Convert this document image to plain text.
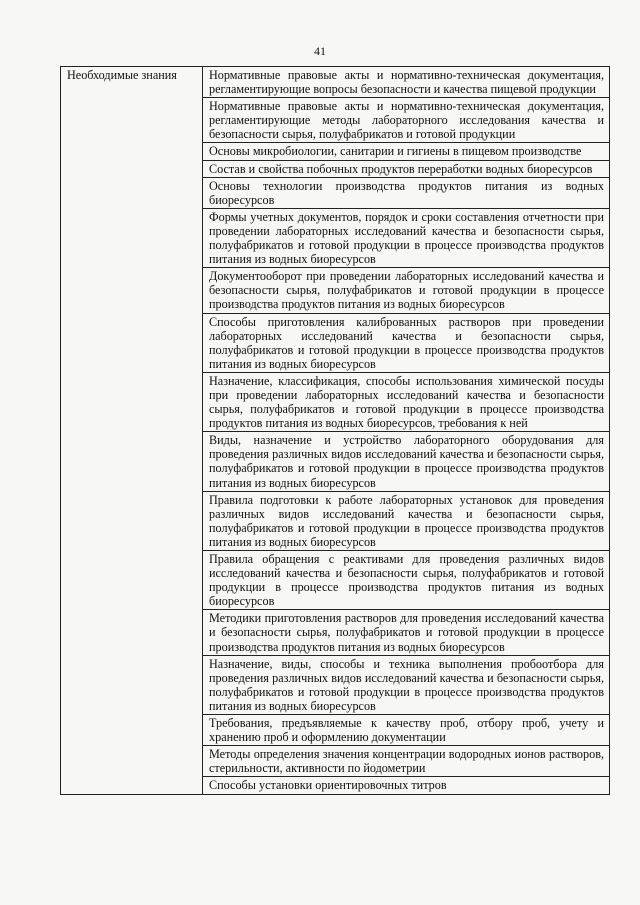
41
Необходимые знания	Нормативные правовые акты и нормативно-техническая документация, регламентирующие вопросы безопасности и качества пищевой продукции
Нормативные правовые акты и нормативно-техническая документация, регламентирующие методы лабораторного исследования качества и безопасности сырья, полуфабрикатов и готовой продукции
Основы микробиологии, санитарии и гигиены в пищевом производстве
Состав и свойства побочных продуктов переработки водных биоресурсов
Основы технологии производства продуктов питания из водных биоресурсов
Формы учетных документов, порядок и сроки составления отчетности при проведении лабораторных исследований качества и безопасности сырья, полуфабрикатов и готовой продукции в процессе производства продуктов питания из водных биоресурсов
Документооборот при проведении лабораторных исследований качества и безопасности сырья, полуфабрикатов и готовой продукции в процессе производства продуктов питания из водных биоресурсов
Способы приготовления калиброванных растворов при проведении лабораторных исследований качества и безопасности сырья, полуфабрикатов и готовой продукции в процессе производства продуктов питания из водных биоресурсов
Назначение, классификация, способы использования химической посуды при проведении лабораторных исследований качества и безопасности сырья, полуфабрикатов и готовой продукции в процессе производства продуктов питания из водных биоресурсов, требования к ней
Виды, назначение и устройство лабораторного оборудования для проведения различных видов исследований качества и безопасности сырья, полуфабрикатов и готовой продукции в процессе производства продуктов питания из водных биоресурсов
Правила подготовки к работе лабораторных установок для проведения различных видов исследований качества и безопасности сырья, полуфабрикатов и готовой продукции в процессе производства продуктов питания из водных биоресурсов
Правила обращения с реактивами для проведения различных видов исследований качества и безопасности сырья, полуфабрикатов и готовой продукции в процессе производства продуктов питания из водных биоресурсов
Методики приготовления растворов для проведения исследований качества и безопасности сырья, полуфабрикатов и готовой продукции в процессе производства продуктов питания из водных биоресурсов
Назначение, виды, способы и техника выполнения пробоотбора для проведения различных видов исследований качества и безопасности сырья, полуфабрикатов и готовой продукции в процессе производства продуктов питания из водных биоресурсов
Требования, предъявляемые к качеству проб, отбору проб, учету и хранению проб и оформлению документации
Методы определения значения концентрации водородных ионов растворов, стерильности, активности по йодометрии
Способы установки ориентировочных титров
